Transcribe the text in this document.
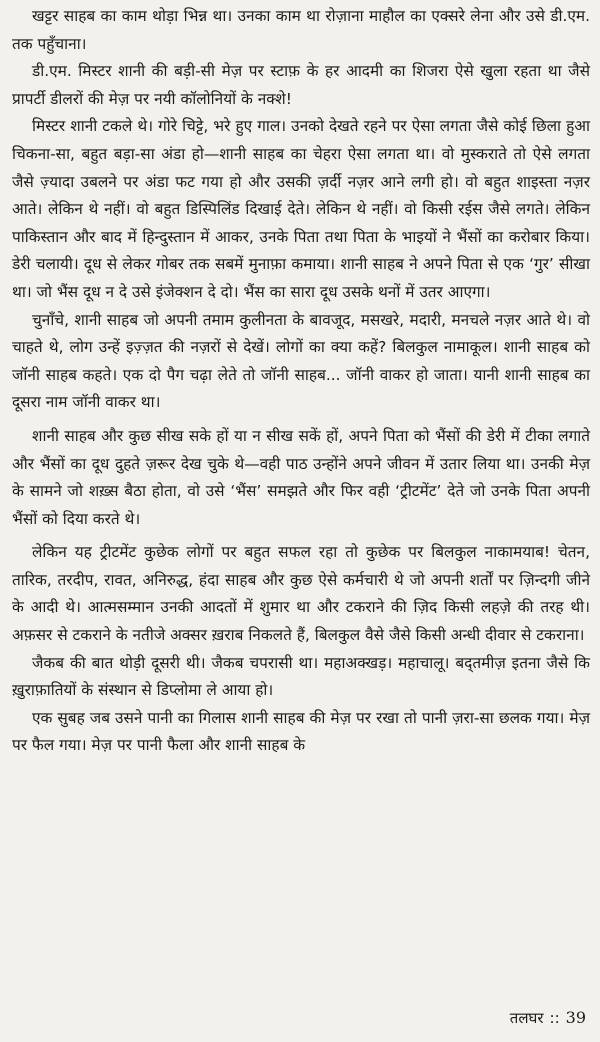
खट्टर साहब का काम थोड़ा भिन्न था। उनका काम था रोज़ाना माहौल का एक्सरे लेना और उसे डी.एम. तक पहुँचाना।

डी.एम. मिस्टर शानी की बड़ी-सी मेज़ पर स्टाफ़ के हर आदमी का शिजरा ऐसे खुला रहता था जैसे प्रापर्टी डीलरों की मेज़ पर नयी कॉलोनियों के नक्शे!

मिस्टर शानी टकले थे। गोरे चिट्टे, भरे हुए गाल। उनको देखते रहने पर ऐसा लगता जैसे कोई छिला हुआ चिकना-सा, बहुत बड़ा-सा अंडा हो—शानी साहब का चेहरा ऐसा लगता था। वो मुस्कराते तो ऐसे लगता जैसे ज़्यादा उबलने पर अंडा फट गया हो और उसकी ज़र्दी नज़र आने लगी हो। वो बहुत शाइस्ता नज़र आते। लेकिन थे नहीं। वो बहुत डिस्पिलिंड दिखाई देते। लेकिन थे नहीं। वो किसी रईस जैसे लगते। लेकिन पाकिस्तान और बाद में हिन्दुस्तान में आकर, उनके पिता तथा पिता के भाइयों ने भैंसों का करोबार किया। डेरी चलायी। दूध से लेकर गोबर तक सबमें मुनाफ़ा कमाया। शानी साहब ने अपने पिता से एक ‘गुर’ सीखा था। जो भैंस दूध न दे उसे इंजेक्शन दे दो। भैंस का सारा दूध उसके थनों में उतर आएगा।

चुनाँचे, शानी साहब जो अपनी तमाम कुलीनता के बावजूद, मसखरे, मदारी, मनचले नज़र आते थे। वो चाहते थे, लोग उन्हें इज़्ज़त की नज़रों से देखें। लोगों का क्या कहें? बिलकुल नामाकूल। शानी साहब को जॉनी साहब कहते। एक दो पैग चढ़ा लेते तो जॉनी साहब... जॉनी वाकर हो जाता। यानी शानी साहब का दूसरा नाम जॉनी वाकर था।

शानी साहब और कुछ सीख सके हों या न सीख सकें हों, अपने पिता को भैंसों की डेरी में टीका लगाते और भैंसों का दूध दुहते ज़रूर देख चुके थे—वही पाठ उन्होंने अपने जीवन में उतार लिया था। उनकी मेज़ के सामने जो शख़्स बैठा होता, वो उसे ‘भैंस’ समझते और फिर वही ‘ट्रीटमेंट’ देते जो उनके पिता अपनी भैंसों को दिया करते थे।

लेकिन यह ट्रीटमेंट कुछेक लोगों पर बहुत सफल रहा तो कुछेक पर बिलकुल नाकामयाब! चेतन, तारिक, तरदीप, रावत, अनिरुद्ध, हंदा साहब और कुछ ऐसे कर्मचारी थे जो अपनी शर्तों पर ज़िन्दगी जीने के आदी थे। आत्मसम्मान उनकी आदतों में शुमार था और टकराने की ज़िद किसी लहज़े की तरह थी। अफ़सर से टकराने के नतीजे अक्सर ख़राब निकलते हैं, बिलकुल वैसे जैसे किसी अन्धी दीवार से टकराना।

जैकब की बात थोड़ी दूसरी थी। जैकब चपरासी था। महाअक्खड़। महाचालू। बद्तमीज़ इतना जैसे कि ख़ुराफ़ातियों के संस्थान से डिप्लोमा ले आया हो।

एक सुबह जब उसने पानी का गिलास शानी साहब की मेज़ पर रखा तो पानी ज़रा-सा छलक गया। मेज़ पर फैल गया। मेज़ पर पानी फैला और शानी साहब के

तलघर :: 39
